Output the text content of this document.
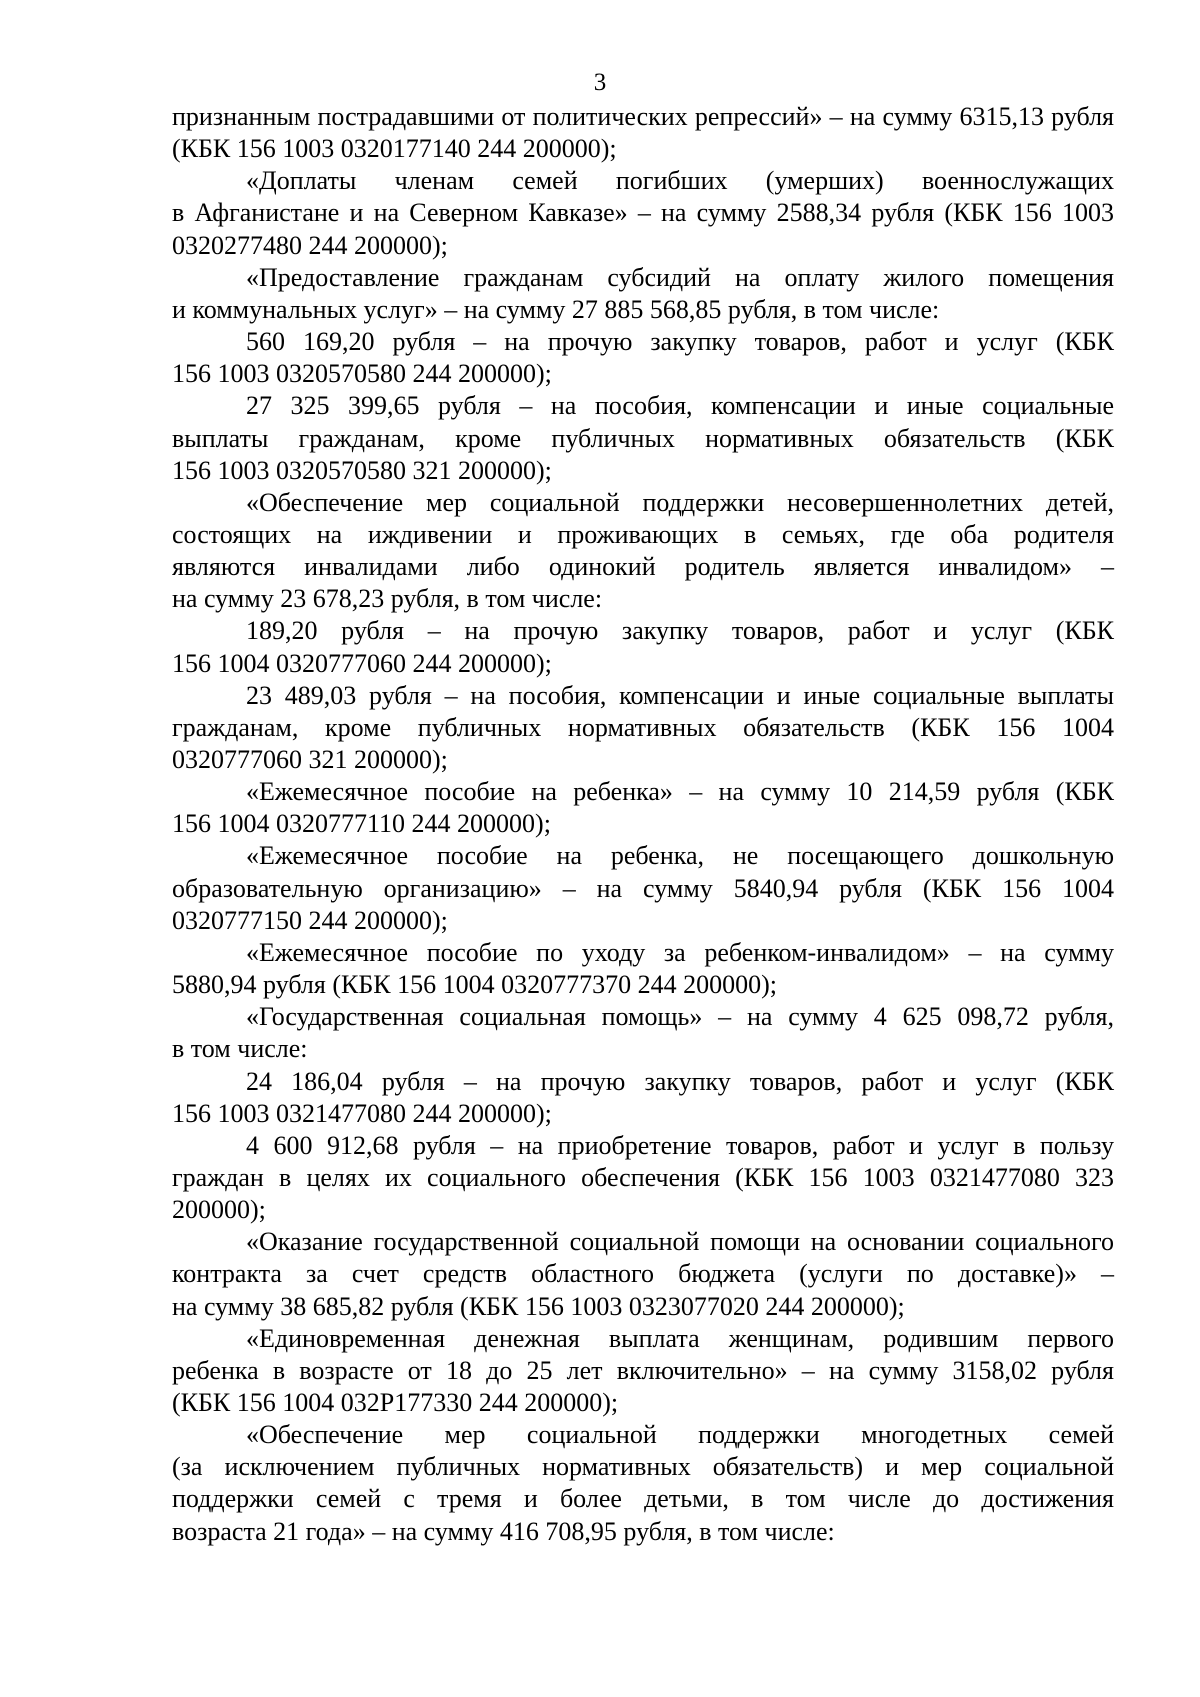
3
признанным пострадавшими от политических репрессий» – на сумму 6315,13 рубля
(КБК 156 1003 0320177140 244 200000);
«Доплаты членам семей погибших (умерших) военнослужащих
в Афганистане и на Северном Кавказе» – на сумму 2588,34 рубля (КБК 156 1003
0320277480 244 200000);
«Предоставление гражданам субсидий на оплату жилого помещения
и коммунальных услуг» – на сумму 27 885 568,85 рубля, в том числе:
560 169,20 рубля – на прочую закупку товаров, работ и услуг (КБК
156 1003 0320570580 244 200000);
27 325 399,65 рубля – на пособия, компенсации и иные социальные
выплаты гражданам, кроме публичных нормативных обязательств (КБК
156 1003 0320570580 321 200000);
«Обеспечение мер социальной поддержки несовершеннолетних детей,
состоящих на иждивении и проживающих в семьях, где оба родителя
являются инвалидами либо одинокий родитель является инвалидом» –
на сумму 23 678,23 рубля, в том числе:
189,20 рубля – на прочую закупку товаров, работ и услуг (КБК
156 1004 0320777060 244 200000);
23 489,03 рубля – на пособия, компенсации и иные социальные выплаты
гражданам, кроме публичных нормативных обязательств (КБК 156 1004
0320777060 321 200000);
«Ежемесячное пособие на ребенка» – на сумму 10 214,59 рубля (КБК
156 1004 0320777110 244 200000);
«Ежемесячное пособие на ребенка, не посещающего дошкольную
образовательную организацию» – на сумму 5840,94 рубля (КБК 156 1004
0320777150 244 200000);
«Ежемесячное пособие по уходу за ребенком-инвалидом» – на сумму
5880,94 рубля (КБК 156 1004 0320777370 244 200000);
«Государственная социальная помощь» – на сумму 4 625 098,72 рубля,
в том числе:
24 186,04 рубля – на прочую закупку товаров, работ и услуг (КБК
156 1003 0321477080 244 200000);
4 600 912,68 рубля – на приобретение товаров, работ и услуг в пользу
граждан в целях их социального обеспечения (КБК 156 1003 0321477080 323
200000);
«Оказание государственной социальной помощи на основании социального
контракта за счет средств областного бюджета (услуги по доставке)» –
на сумму 38 685,82 рубля (КБК 156 1003 0323077020 244 200000);
«Единовременная денежная выплата женщинам, родившим первого
ребенка в возрасте от 18 до 25 лет включительно» – на сумму 3158,02 рубля
(КБК 156 1004 032Р177330 244 200000);
«Обеспечение мер социальной поддержки многодетных семей
(за исключением публичных нормативных обязательств) и мер социальной
поддержки семей с тремя и более детьми, в том числе до достижения
возраста 21 года» – на сумму 416 708,95 рубля, в том числе:
